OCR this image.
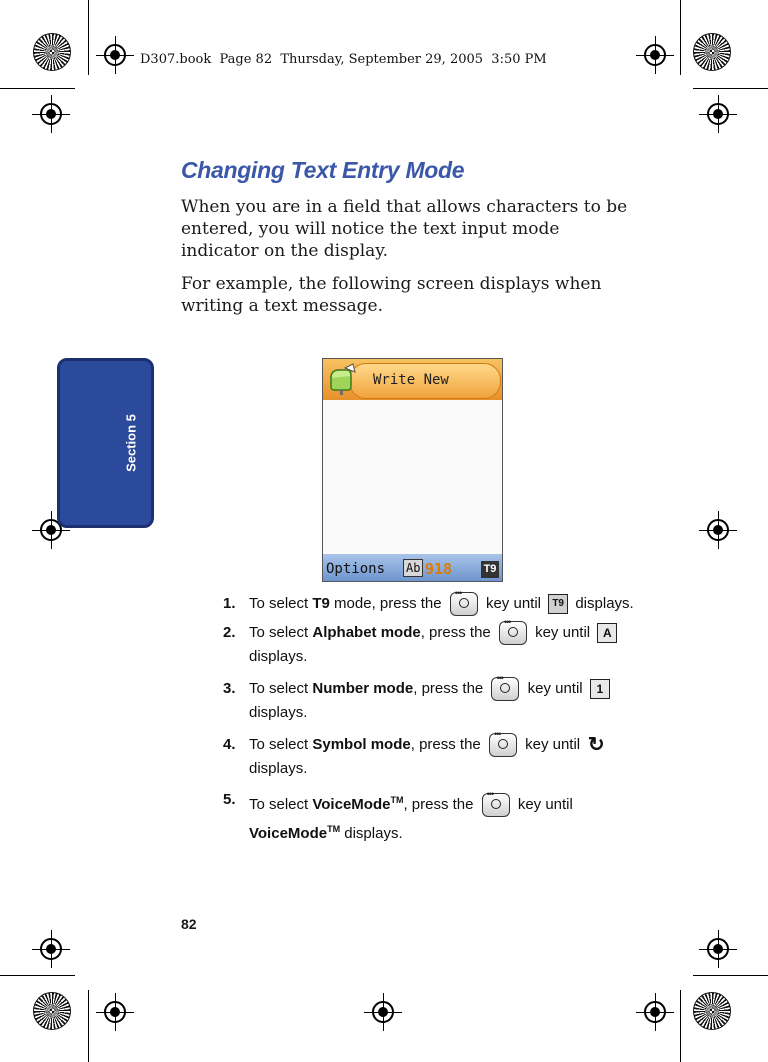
D307.book  Page 82  Thursday, September 29, 2005  3:50 PM
Section 5
Changing Text Entry Mode
When you are in a field that allows characters to be entered, you will notice the text input mode indicator on the display.
For example, the following screen displays when writing a text message.
Write New
Options Ab 918	T9
1. To select T9 mode, press the ••• key until T9 displays.
2. To select Alphabet mode, press the ••• key until A displays.
3. To select Number mode, press the ••• key until 1 displays.
4. To select Symbol mode, press the ••• key until ↻ displays.
5. To select VoiceMode™, press the ••• key until
VoiceMode™ displays.
82
